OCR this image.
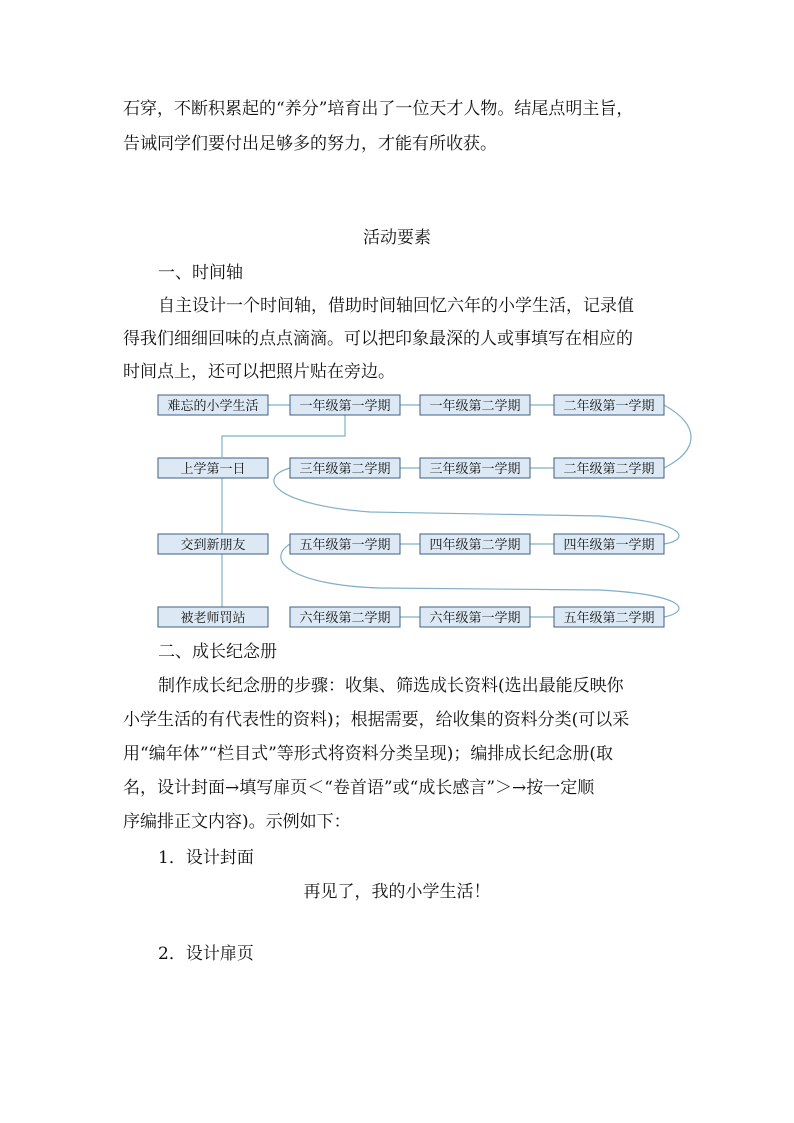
石穿，不断积累起的“养分”培育出了一位天才人物。结尾点明主旨，
告诫同学们要付出足够多的努力，才能有所收获。
活动要素
一、时间轴
自主设计一个时间轴，借助时间轴回忆六年的小学生活，记录值
得我们细细回味的点点滴滴。可以把印象最深的人或事填写在相应的
时间点上，还可以把照片贴在旁边。
难忘的小学生活
上学第一日
交到新朋友
被老师罚站
一年级第一学期	一年级第二学期	二年级第一学期
三年级第二学期	三年级第一学期	二年级第二学期
五年级第一学期	四年级第二学期	四年级第一学期
六年级第二学期	六年级第一学期	五年级第二学期
二、成长纪念册
制作成长纪念册的步骤：收集、筛选成长资料(选出最能反映你
小学生活的有代表性的资料)；根据需要，给收集的资料分类(可以采
用“编年体”“栏目式”等形式将资料分类呈现)；编排成长纪念册(取
名，设计封面→填写扉页＜“卷首语”或“成长感言”＞→按一定顺
序编排正文内容)。示例如下：
1．设计封面
再见了，我的小学生活！
2．设计扉页
